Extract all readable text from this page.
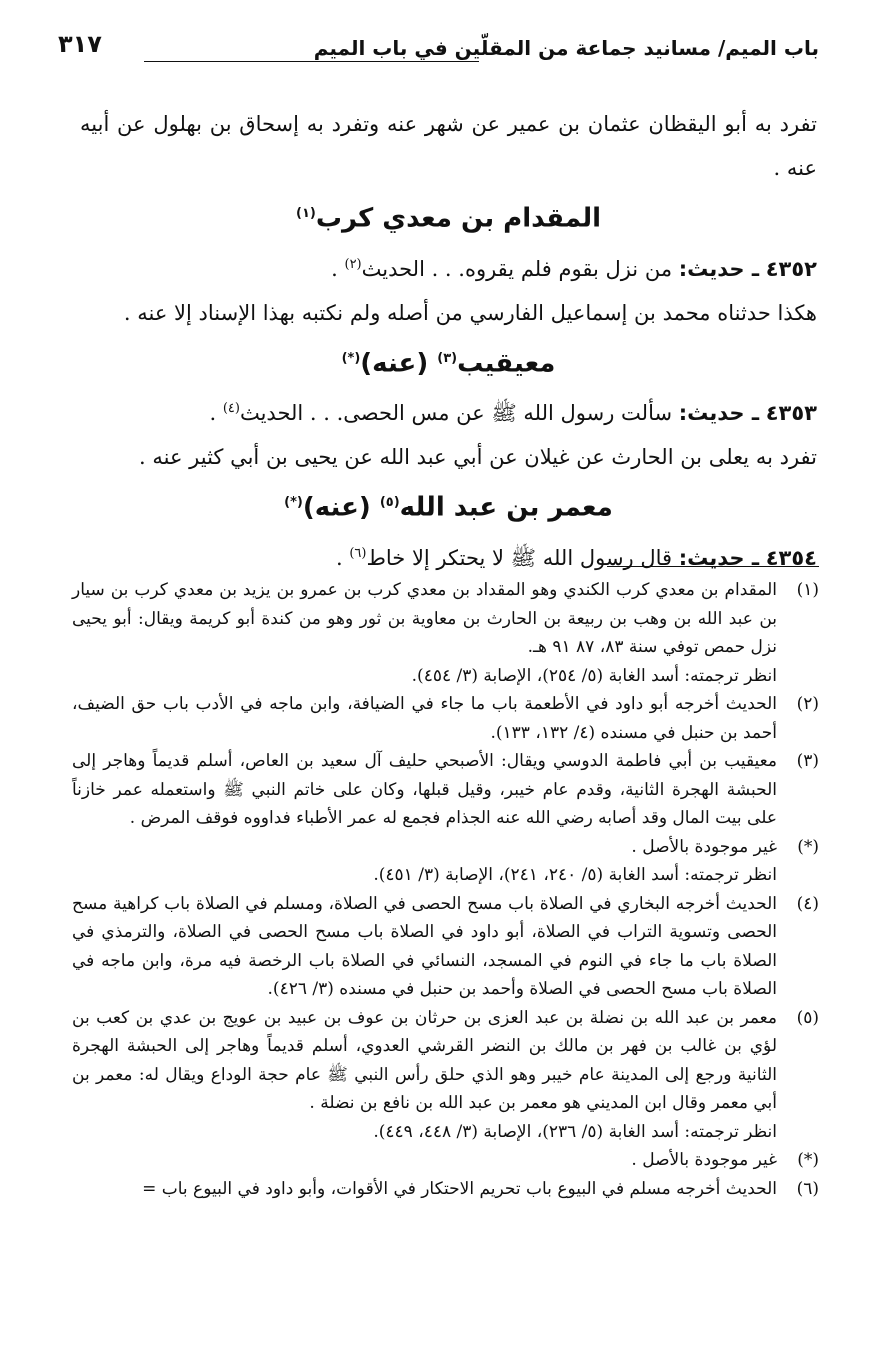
باب الميم/ مسانيد جماعة من المقلّين في باب الميم
٣١٧

تفرد به أبو اليقظان عثمان بن عمير عن شهر عنه وتفرد به إسحاق بن بهلول عن أبيه عنه .

المقدام بن معدي كرب$^{(١)}$

٤٣٥٢ ـ حديث: من نزل بقوم فلم يقروه. . . الحديث$^{(٢)}$ .

هكذا حدثناه محمد بن إسماعيل الفارسي من أصله ولم نكتبه بهذا الإسناد إلا عنه .

معيقيب$^{(٣)}$ (عنه)(*)

٤٣٥٣ ـ حديث: سألت رسول الله ﷺ عن مس الحصى. . . الحديث$^{(٤)}$ .

تفرد به يعلى بن الحارث عن غيلان عن أبي عبد الله عن يحيى بن أبي كثير عنه .

معمر بن عبد الله$^{(٥)}$ (عنه)(*)

٤٣٥٤ ـ حديث: قال رسول الله ﷺ لا يحتكر إلا خاط$^{(٦)}$ .

(١)

المقدام بن معدي كرب الكندي وهو المقداد بن معدي كرب بن عمرو بن يزيد بن معدي كرب بن سيار بن عبد الله بن وهب بن ربيعة بن الحارث بن معاوية بن ثور وهو من كندة أبو كريمة ويقال: أبو يحيى نزل حمص توفي سنة ٨٣، ٨٧ ٩١ هـ.

انظر ترجمته: أسد الغابة (٥/ ٢٥٤)، الإصابة (٣/ ٤٥٤).

(٢)

الحديث أخرجه أبو داود في الأطعمة باب ما جاء في الضيافة، وابن ماجه في الأدب باب حق الضيف، أحمد بن حنبل في مسنده (٤/ ١٣٢، ١٣٣).

(٣)

معيقيب بن أبي فاطمة الدوسي ويقال: الأصبحي حليف آل سعيد بن العاص، أسلم قديماً وهاجر إلى الحبشة الهجرة الثانية، وقدم عام خيبر، وقيل قبلها، وكان على خاتم النبي ﷺ واستعمله عمر خازناً على بيت المال وقد أصابه رضي الله عنه الجذام فجمع له عمر الأطباء فداووه فوقف المرض .

(*)

غير موجودة بالأصل .

انظر ترجمته: أسد الغابة (٥/ ٢٤٠، ٢٤١)، الإصابة (٣/ ٤٥١).

(٤)

الحديث أخرجه البخاري في الصلاة باب مسح الحصى في الصلاة، ومسلم في الصلاة باب كراهية مسح الحصى وتسوية التراب في الصلاة، أبو داود في الصلاة باب مسح الحصى في الصلاة، والترمذي في الصلاة باب ما جاء في النوم في المسجد، النسائي في الصلاة باب الرخصة فيه مرة، وابن ماجه في الصلاة باب مسح الحصى في الصلاة وأحمد بن حنبل في مسنده (٣/ ٤٢٦).

(٥)

معمر بن عبد الله بن نضلة بن عبد العزى بن حرثان بن عوف بن عبيد بن عويج بن عدي بن كعب بن لؤي بن غالب بن فهر بن مالك بن النضر القرشي العدوي، أسلم قديماً وهاجر إلى الحبشة الهجرة الثانية ورجع إلى المدينة عام خيبر وهو الذي حلق رأس النبي ﷺ عام حجة الوداع ويقال له: معمر بن أبي معمر وقال ابن المديني هو معمر بن عبد الله بن نافع بن نضلة .

انظر ترجمته: أسد الغابة (٥/ ٢٣٦)، الإصابة (٣/ ٤٤٨، ٤٤٩).

(*)

غير موجودة بالأصل .

(٦)

الحديث أخرجه مسلم في البيوع باب تحريم الاحتكار في الأقوات، وأبو داود في البيوع باب =
